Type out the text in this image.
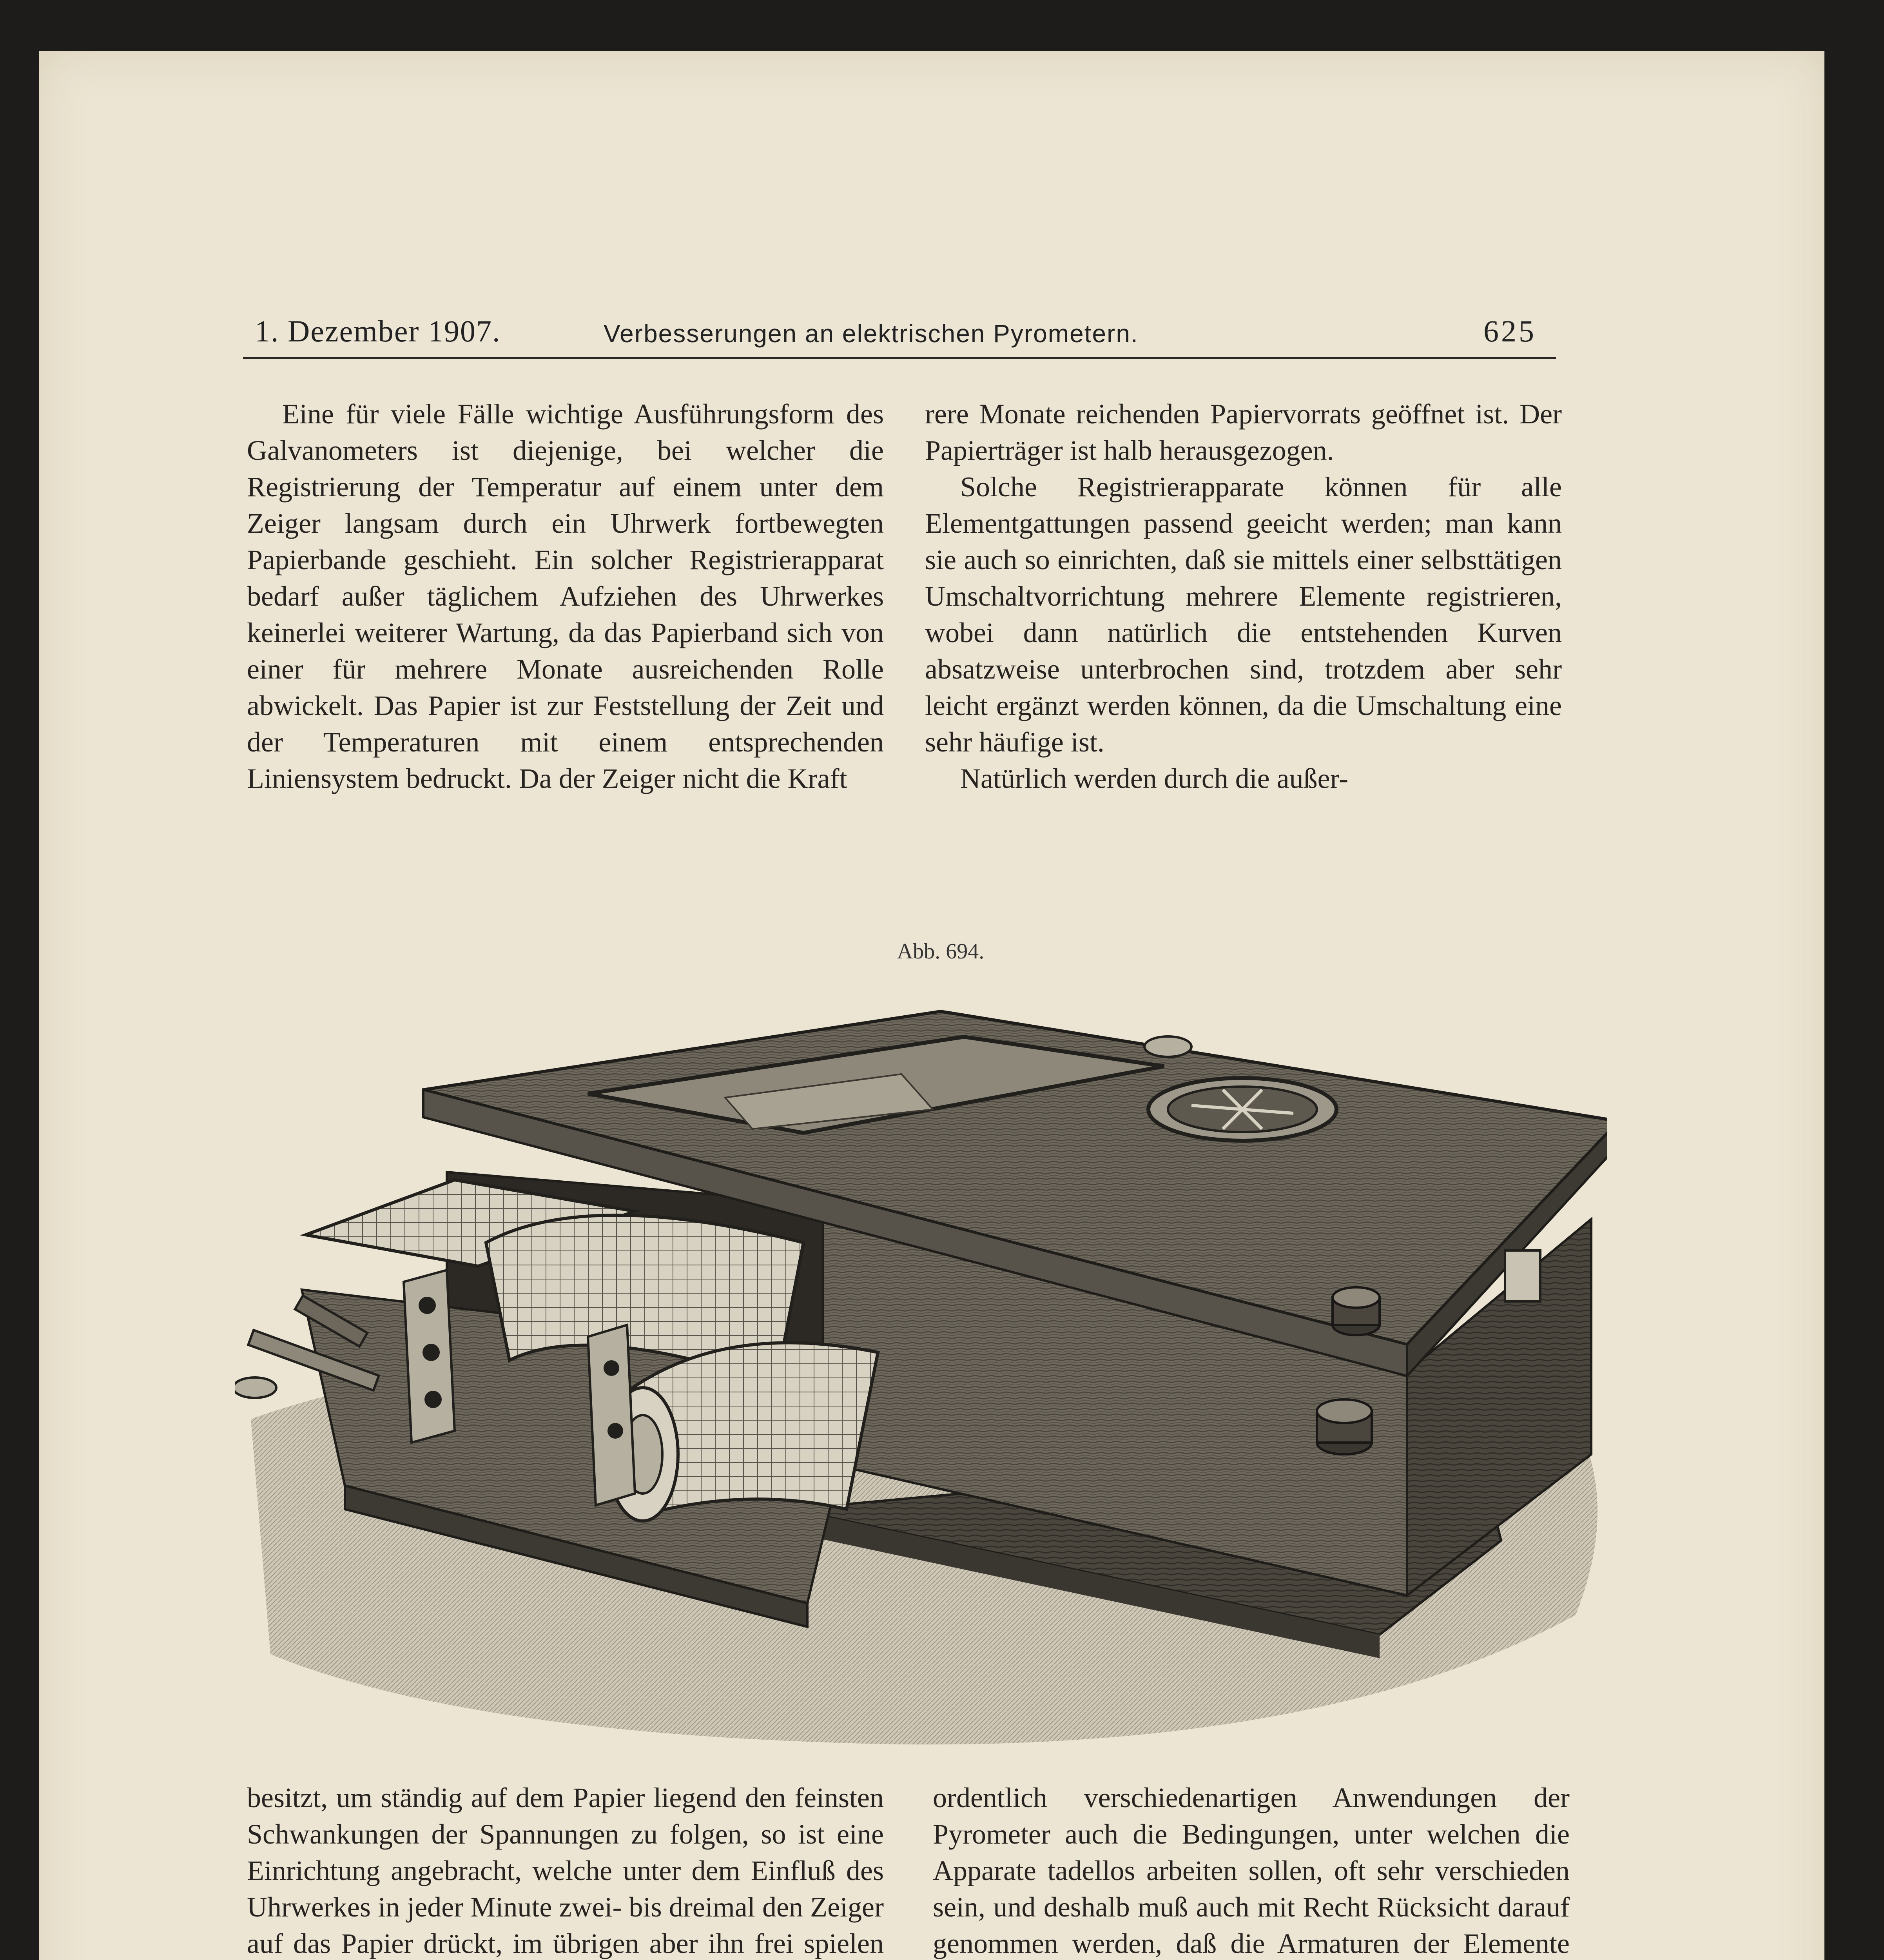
1. Dezember 1907.	Verbesserungen an elektrischen Pyrometern.	625

Eine für viele Fälle wichtige Ausführungsform des Galvanometers ist diejenige, bei welcher die Registrierung der Temperatur auf einem unter dem Zeiger langsam durch ein Uhrwerk fortbewegten Papierbande geschieht. Ein solcher Registrierapparat bedarf außer täglichem Aufziehen des Uhrwerkes keinerlei weiterer Wartung, da das Papierband sich von einer für mehrere Monate ausreichenden Rolle abwickelt. Das Papier ist zur Feststellung der Zeit und der Temperaturen mit einem entsprechenden Liniensystem bedruckt. Da der Zeiger nicht die Kraft

rere Monate reichenden Papiervorrats geöffnet ist. Der Papierträger ist halb herausgezogen.

Solche Registrierapparate können für alle Elementgattungen passend geeicht werden; man kann sie auch so einrichten, daß sie mittels einer selbsttätigen Umschaltvorrichtung mehrere Elemente registrieren, wobei dann natürlich die entstehenden Kurven absatzweise unterbrochen sind, trotzdem aber sehr leicht ergänzt werden können, da die Umschaltung eine sehr häufige ist.

Natürlich werden durch die außer-

Abb. 694.

besitzt, um ständig auf dem Papier liegend den feinsten Schwankungen der Spannungen zu folgen, so ist eine Einrichtung angebracht, welche unter dem Einfluß des Uhrwerkes in jeder Minute zwei- bis dreimal den Zeiger auf das Papier drückt, im übrigen aber ihn frei spielen

ordentlich verschiedenartigen Anwendungen der Pyrometer auch die Bedingungen, unter welchen die Apparate tadellos arbeiten sollen, oft sehr verschieden sein, und deshalb muß auch mit Recht Rücksicht darauf genommen werden, daß die Armaturen der Elemente
